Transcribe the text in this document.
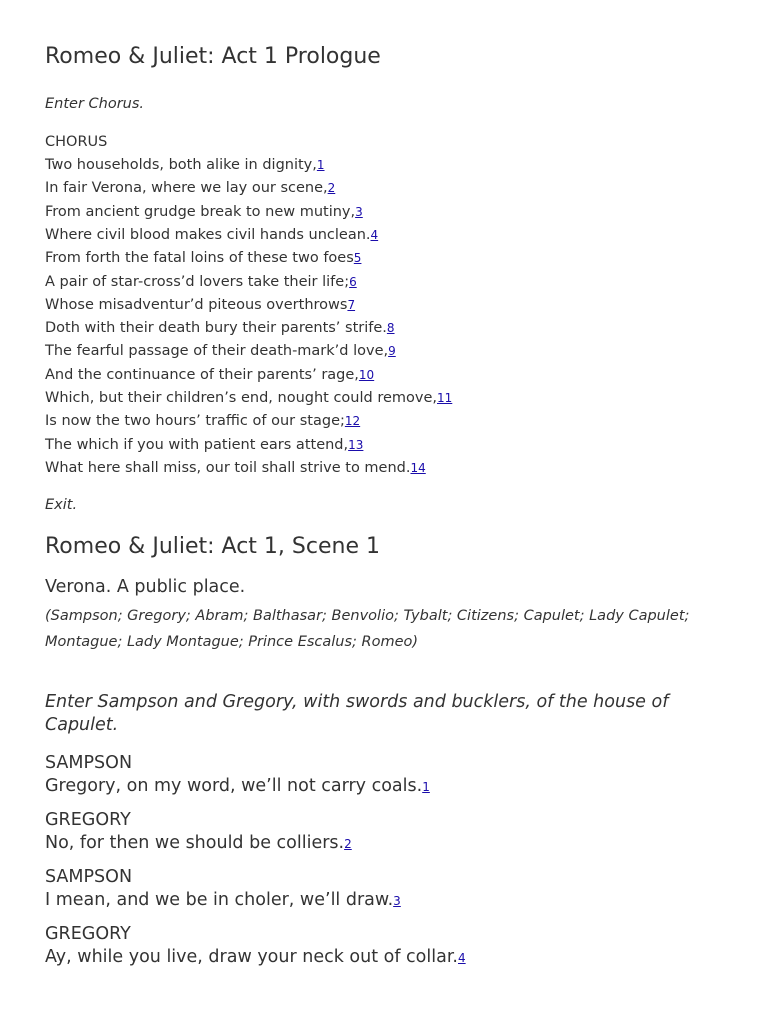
Romeo & Juliet: Act 1 Prologue
Enter Chorus.
CHORUS
Two households, both alike in dignity,1
In fair Verona, where we lay our scene,2
From ancient grudge break to new mutiny,3
Where civil blood makes civil hands unclean.4
From forth the fatal loins of these two foes5
A pair of star-cross’d lovers take their life;6
Whose misadventur’d piteous overthrows7
Doth with their death bury their parents’ strife.8
The fearful passage of their death-mark’d love,9
And the continuance of their parents’ rage,10
Which, but their children’s end, nought could remove,11
Is now the two hours’ traffic of our stage;12
The which if you with patient ears attend,13
What here shall miss, our toil shall strive to mend.14
Exit.
Romeo & Juliet: Act 1, Scene 1
Verona. A public place.
(Sampson; Gregory; Abram; Balthasar; Benvolio; Tybalt; Citizens; Capulet; Lady Capulet; Montague; Lady Montague; Prince Escalus; Romeo)
Enter Sampson and Gregory, with swords and bucklers, of the house of Capulet.
SAMPSON
Gregory, on my word, we’ll not carry coals.1
GREGORY
No, for then we should be colliers.2
SAMPSON
I mean, and we be in choler, we’ll draw.3
GREGORY
Ay, while you live, draw your neck out of collar.4
